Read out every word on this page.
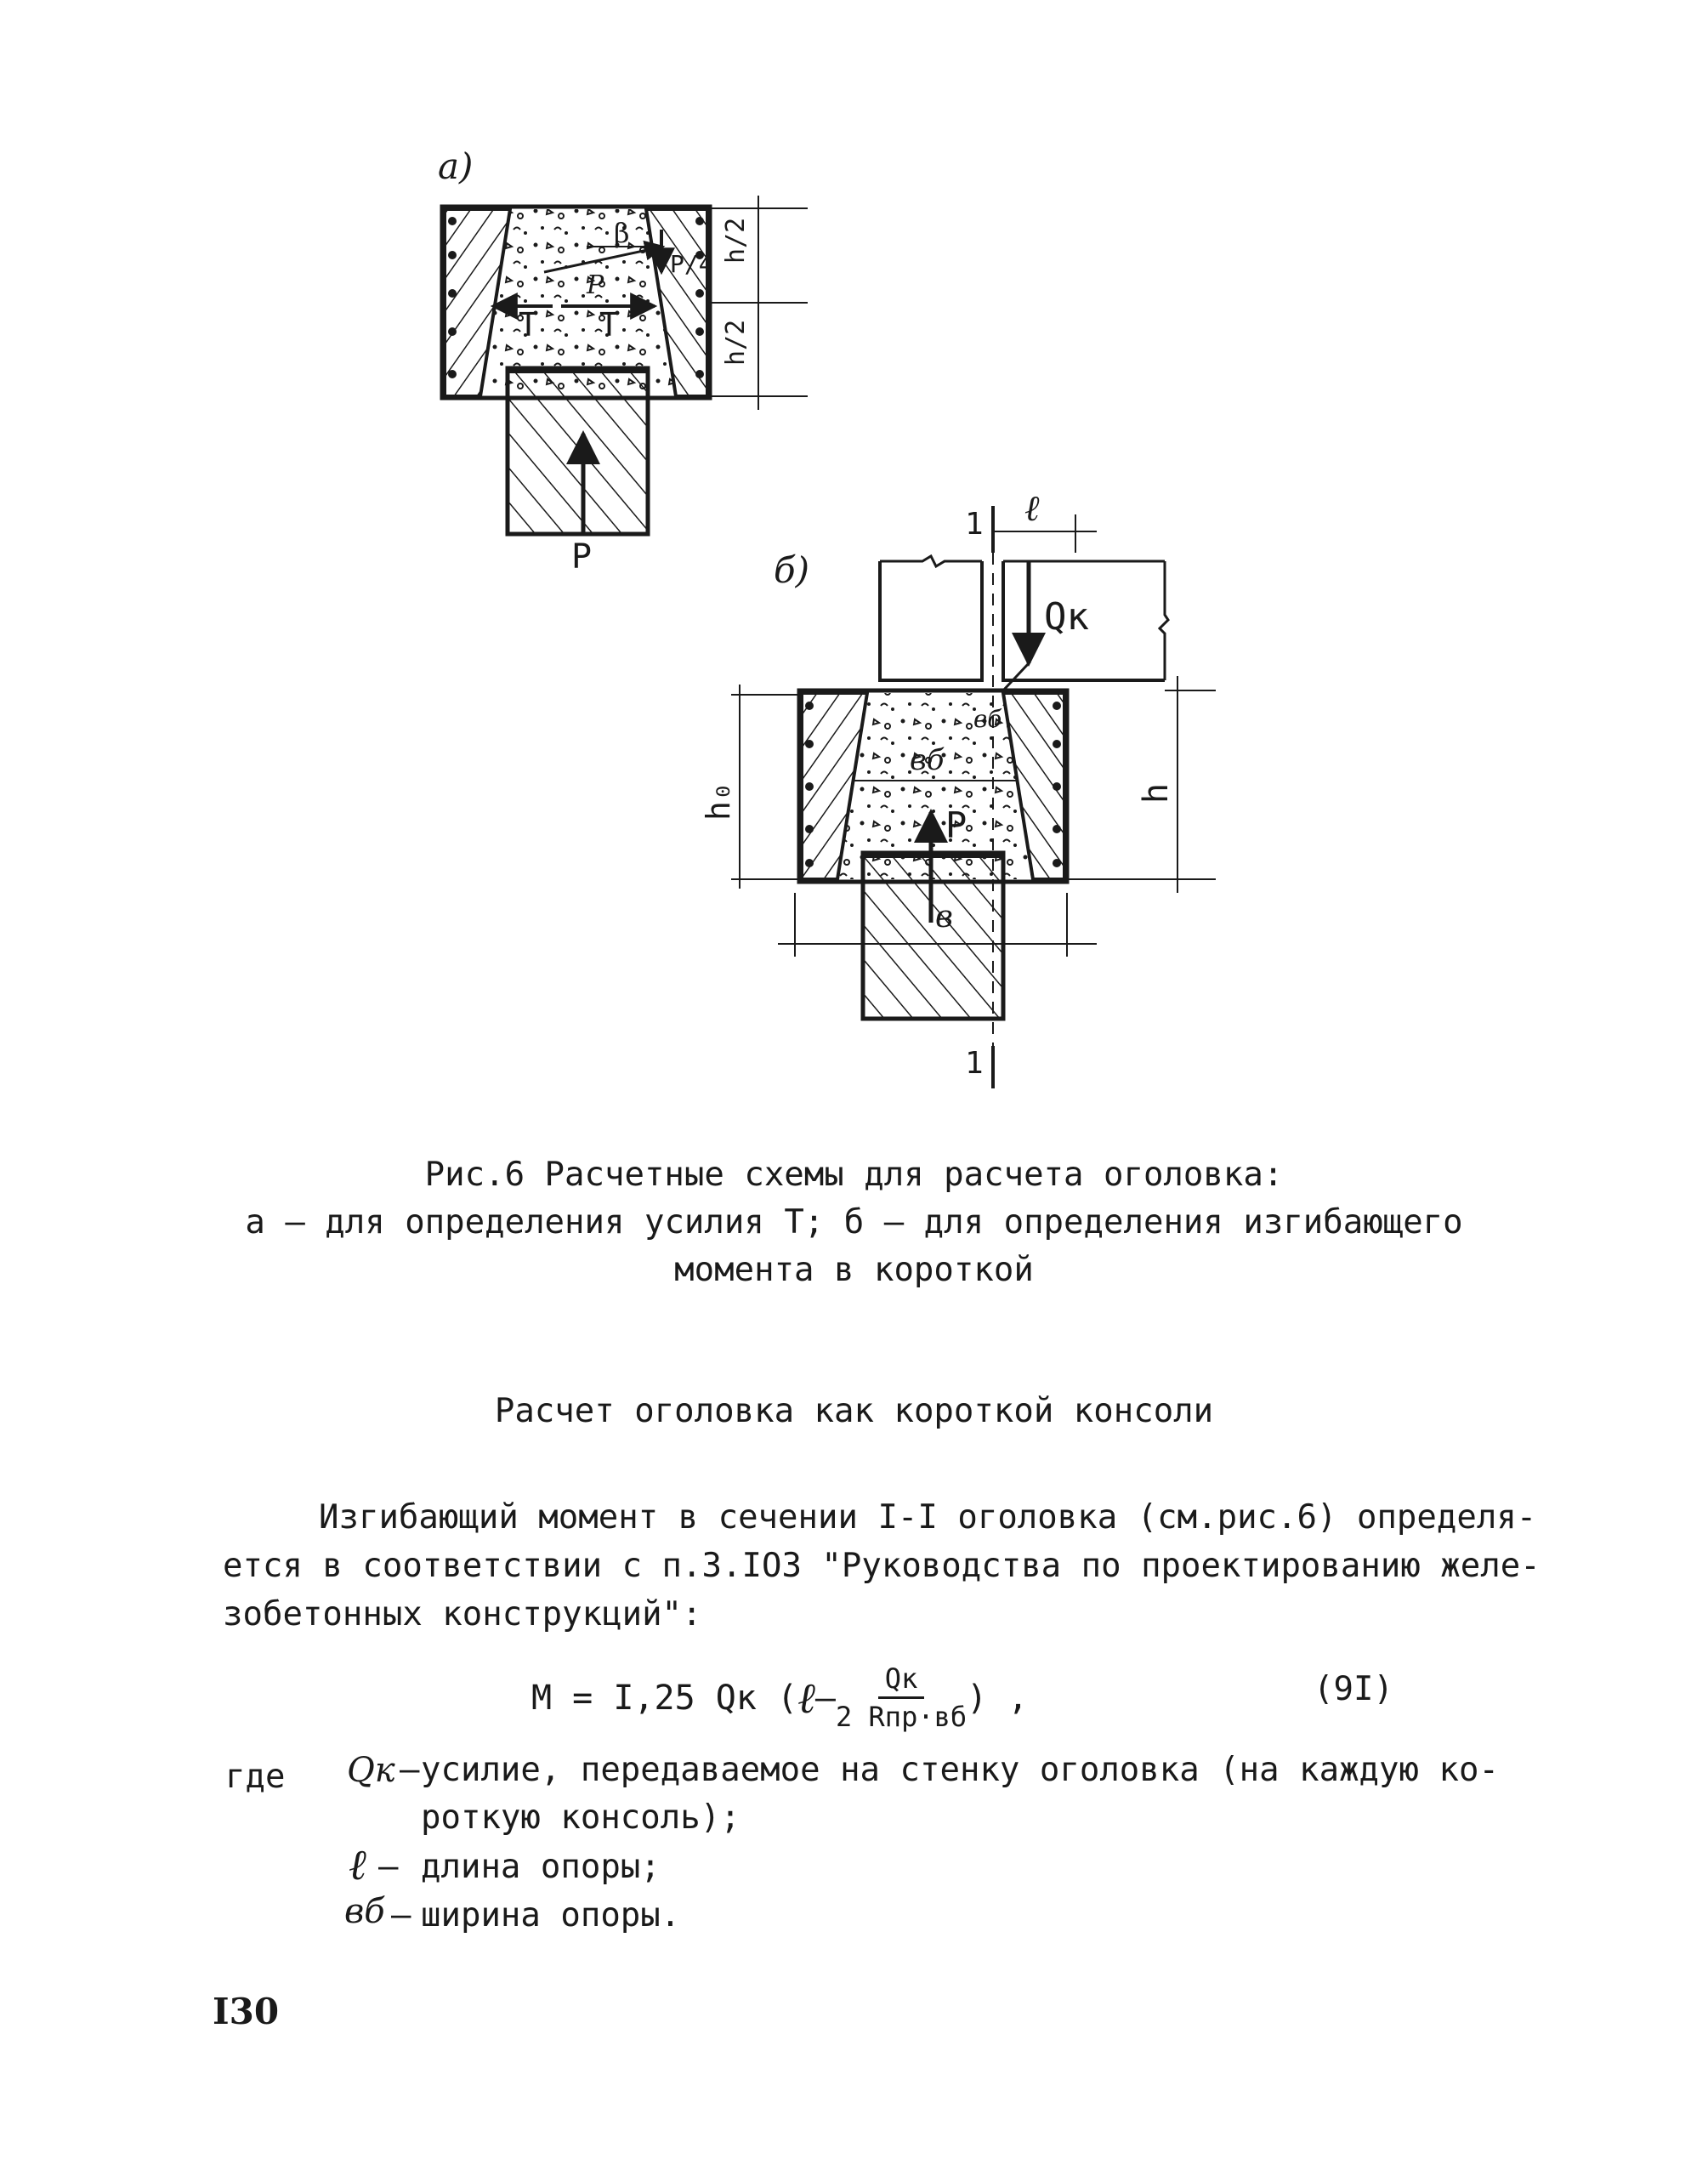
а)
P
T T
β
P
P/4
h/2
h/2
б)
1
1
ℓ
Qк
вб
вб
P
в
h₀	h
Рис.6 Расчетные схемы для расчета оголовка:
а – для определения усилия Т; б – для определения изгибающего
момента в короткой
Расчет оголовка как короткой консоли
Изгибающий момент в сечении I-I оголовка (см.рис.6) определя-
ется в соответствии с п.3.IO3 "Руководства по проектированию желе-
зобетонных конструкций":
M = I,25 Qк ( ℓ – $\frac{Qк}{\text{2 Rпр·вб}}$ ) ,	(9I)
где Qк – усилие, передаваемое на стенку оголовка (на каждую ко-
роткую консоль);
ℓ – длина опоры;
вб – ширина опоры.
I30
